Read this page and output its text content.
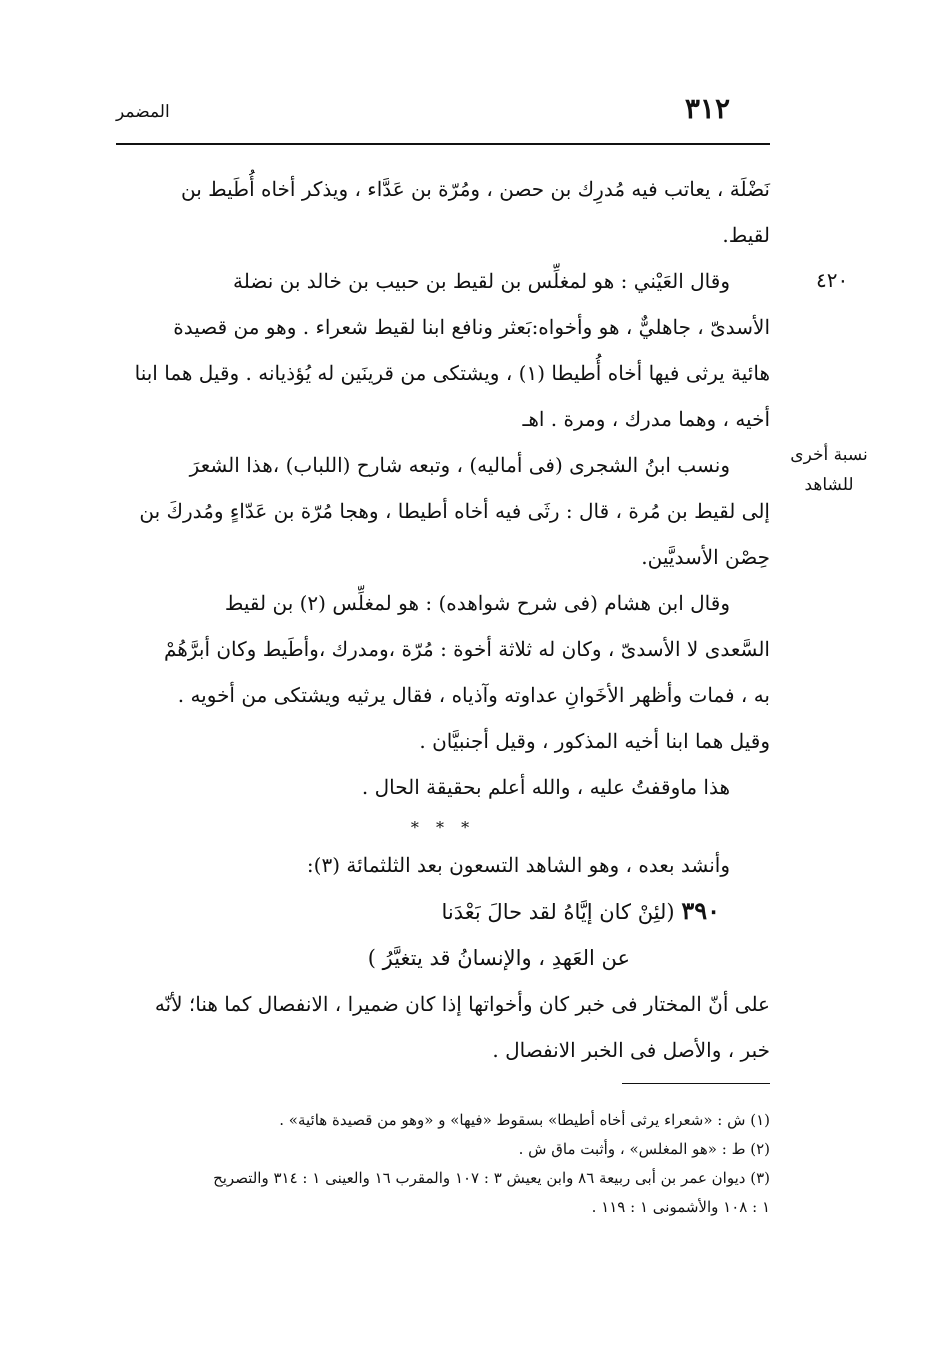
٣١٢
المضمر
٤٢٠
نسبة أخرى
للشاهد

نَضْلَة ، يعاتب فيه مُدرِك بن حصن ، ومُرّة بن عَدَّاء ، ويذكر أخاه أُطَيط بن

لقيط.

وقال العَيْني : هو لمغلِّس بن لقيط بن حبيب بن خالد بن نضلة

الأسدىّ ، جاهليٌّ ، هو وأخواه:بَعثر ونافع ابنا لقيط شعراء . وهو من قصيدة

هائية يرثى فيها أخاه أُطيطا (١) ، ويشتكى من قرينَين له يُؤذيانه . وقيل هما ابنا

أخيه ، وهما مدرك ، ومرة . اهـ

ونسب ابنُ الشجرى (فى أماليه) ، وتبعه شارح (اللباب) ،هذا الشعرَ

إلى لقيط بن مُرة ، قال : رثَى فيه أخاه أطيطا ، وهجا مُرّة بن عَدّاءٍ ومُدركَ بن

حِصْن الأسديَّين.

وقال ابن هشام (فى شرح شواهده) : هو لمغلِّس (٢) بن لقيط

السَّعدى لا الأسدىّ ، وكان له ثلاثة أخوة : مُرّة ،ومدرك ،وأطَيط وكان أبرَّهُمْ

به ، فمات وأظهر الأخَوانِ عداوته وآذياه ، فقال يرثيه ويشتكى من أخويه .

وقيل هما ابنا أخيه المذكور ، وقيل أجنبيَّان .

هذا ماوقفتُ عليه ، والله أعلم بحقيقة الحال .

* * *

وأنشد بعده ، وهو الشاهد التسعون بعد الثلثمائة (٣):

٣٩٠ (لئِنْ كان إيَّاهُ لقد حالَ بَعْدَنا
عن العَهدِ ، والإنسانُ قد يتغيَّرُ )

على أنّ المختار فى خبر كان وأخواتها إذا كان ضميرا ، الانفصال كما هنا؛ لأنّه

خبر ، والأصل فى الخبر الانفصال .

(١) ش : «شعراء يرثى أخاه أطيطا» بسقوط «فيها» و «وهو من قصيدة هائية» .

(٢) ط : «هو المغلس» ، وأثبت ماق ش .

(٣) ديوان عمر بن أبى ربيعة ٨٦ وابن يعيش ٣ : ١٠٧ والمقرب ١٦ والعينى ١ : ٣١٤ والتصريح

١ : ١٠٨ والأشمونى ١ : ١١٩ .
